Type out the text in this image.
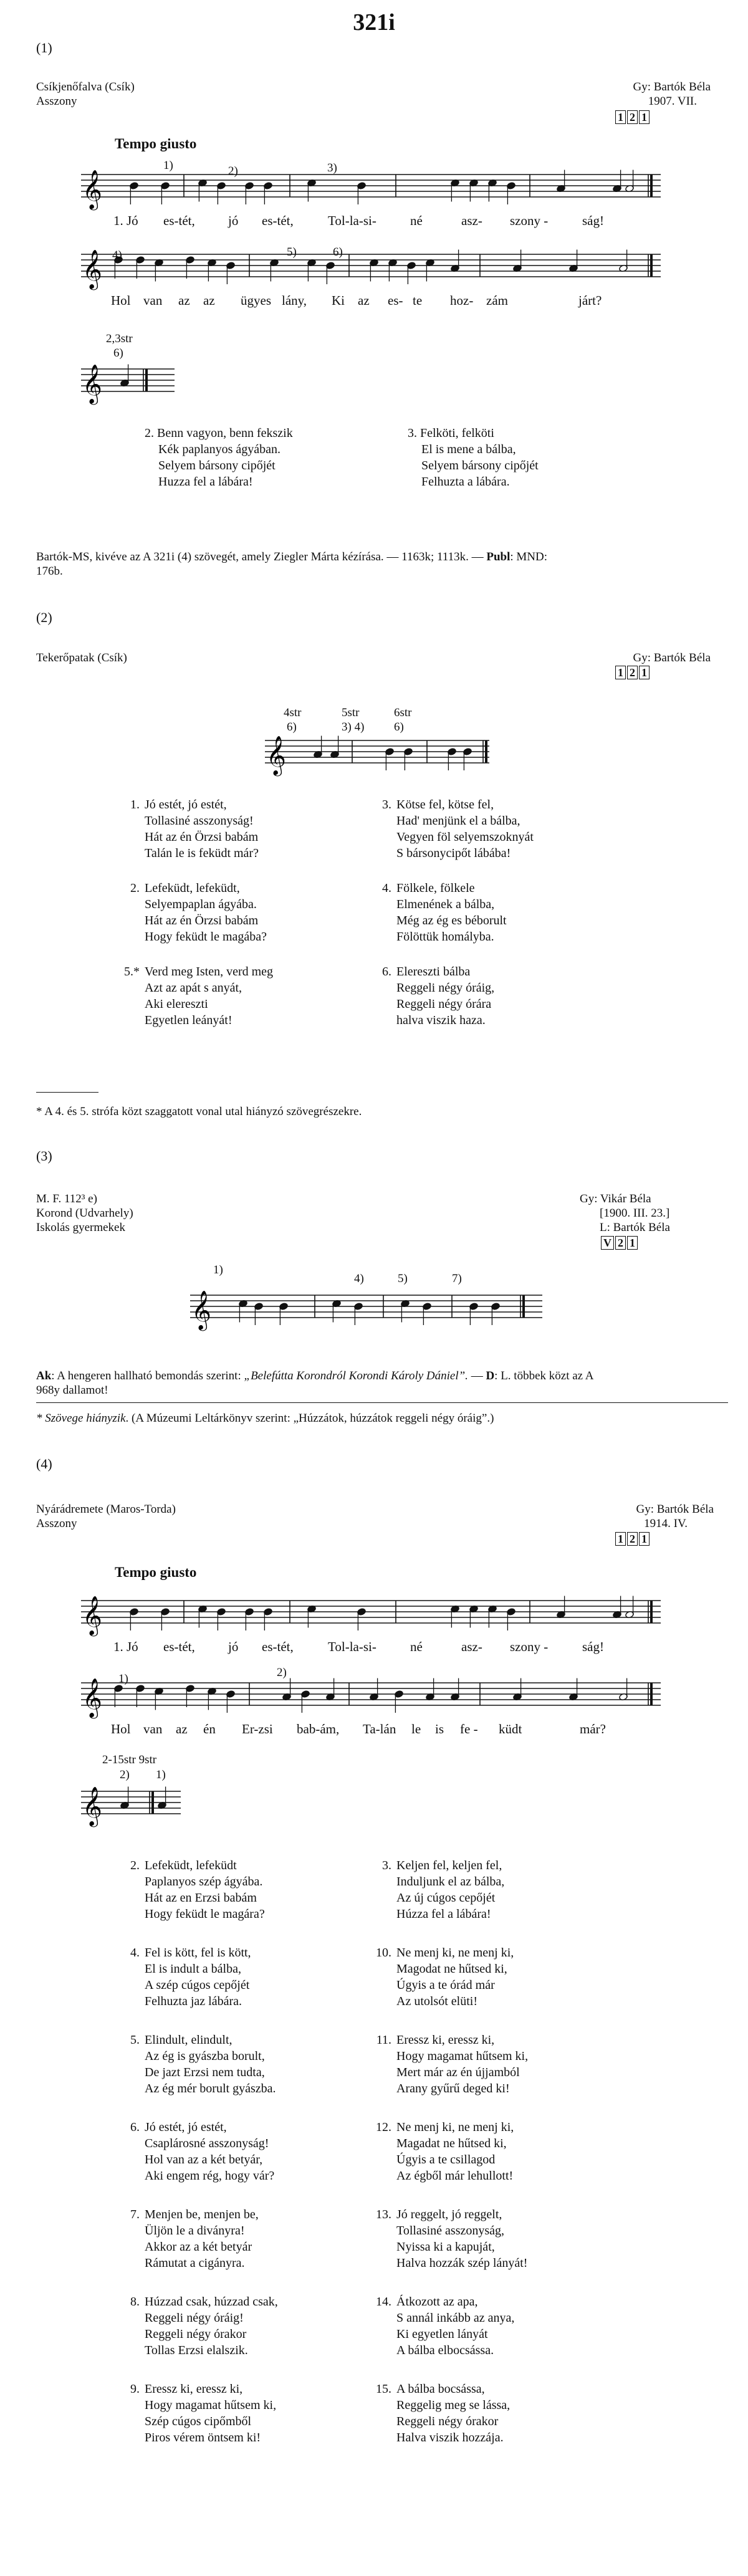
321i
(1)
Csíkjenőfalva (Csík)
Asszony
Gy: Bartók Béla
1907. VII.
1 2 1
Tempo giusto
𝄞
𝄞
𝄞
1)	2)	3)
4)	5)	6)
2,3str
6)
1. Jó es-tét,	jó es-tét,	Tol-la-si-	né	asz- szony -	ság!
Hol van az az ügyes lány, Ki az es- te hoz- zám	járt?
2. Benn vagyon, benn fekszik
Kék paplanyos ágyában.
Selyem bársony cipőjét
Huzza fel a lábára!
3. Felköti, felköti
El is mene a bálba,
Selyem bársony cipőjét
Felhuzta a lábára.
Bartók-MS, kivéve az A 321i (4) szövegét, amely Ziegler Márta kézírása. — 1163k; 1113k. — Publ: MND:
176b.
(2)
Tekerőpatak (Csík)	Gy: Bartók Béla
1 2 1
4str	5str	6str
6)	3) 4)	6)
𝄞
1. Jó estét, jó estét,
Tollasiné asszonyság!
Hát az én Örzsi babám
Talán le is feküdt már?
2. Lefeküdt, lefeküdt,
Selyempaplan ágyába.
Hát az én Örzsi babám
Hogy feküdt le magába?
5.* Verd meg Isten, verd meg
Azt az apát s anyát,
Aki elereszti
Egyetlen leányát!
3. Kötse fel, kötse fel,
Had' menjünk el a bálba,
Vegyen föl selyemszoknyát
S bársonycipőt lábába!
4. Fölkele, fölkele
Elmenének a bálba,
Még az ég es béborult
Fölöttük homályba.
6. Elereszti bálba
Reggeli négy óráig,
Reggeli négy órára
halva viszik haza.
* A 4. és 5. strófa közt szaggatott vonal utal hiányzó szövegrészekre.
(3)
M. F. 112³ e)
Korond (Udvarhely)
Iskolás gyermekek
Gy: Vikár Béla
[1900. III. 23.]
L: Bartók Béla
V 2 1
1)
4)	5)	7)
𝄞
Ak: A hengeren hallható bemondás szerint: „Belefútta Korondról Korondi Károly Dániel”. — D: L. többek közt az A
968y dallamot!
* Szövege hiányzik. (A Múzeumi Leltárkönyv szerint: „Húzzátok, húzzátok reggeli négy óráig”.)
(4)
Nyárádremete (Maros-Torda)
Asszony
Gy: Bartók Béla
1914. IV.
1 2 1
Tempo giusto
𝄞
𝄞
𝄞
1)	2)
2-15str 9str
2) 1)
1. Jó es-tét,	jó es-tét,	Tol-la-si-	né	asz- szony -	ság!
Hol van az én Er-zsi bab-ám, Ta-lán le is fe - küdt	már?
2. Lefeküdt, lefeküdt
Paplanyos szép ágyába.
Hát az en Erzsi babám
Hogy feküdt le magára?
4. Fel is kött, fel is kött,
El is indult a bálba,
A szép cúgos cepőjét
Felhuzta jaz lábára.
5. Elindult, elindult,
Az ég is gyászba borult,
De jazt Erzsi nem tudta,
Az ég mér borult gyászba.
6. Jó estét, jó estét,
Csaplárosné asszonyság!
Hol van az a két betyár,
Aki engem rég, hogy vár?
7. Menjen be, menjen be,
Üljön le a diványra!
Akkor az a két betyár
Rámutat a cigányra.
8. Húzzad csak, húzzad csak,
Reggeli négy óráig!
Reggeli négy órakor
Tollas Erzsi elalszik.
9. Eressz ki, eressz ki,
Hogy magamat hűtsem ki,
Szép cúgos cipőmből
Piros vérem öntsem ki!
3. Keljen fel, keljen fel,
Induljunk el az bálba,
Az új cúgos cepőjét
Húzza fel a lábára!
10. Ne menj ki, ne menj ki,
Magodat ne hűtsed ki,
Úgyis a te órád már
Az utolsót elüti!
11. Eressz ki, eressz ki,
Hogy magamat hűtsem ki,
Mert már az én újjamból
Arany gyűrű deged ki!
12. Ne menj ki, ne menj ki,
Magadat ne hűtsed ki,
Úgyis a te csillagod
Az égből már lehullott!
13. Jó reggelt, jó reggelt,
Tollasiné asszonyság,
Nyissa ki a kapuját,
Halva hozzák szép lányát!
14. Átkozott az apa,
S annál inkább az anya,
Ki egyetlen lányát
A bálba elbocsássa.
15. A bálba bocsássa,
Reggelig meg se lássa,
Reggeli négy órakor
Halva viszik hozzája.
